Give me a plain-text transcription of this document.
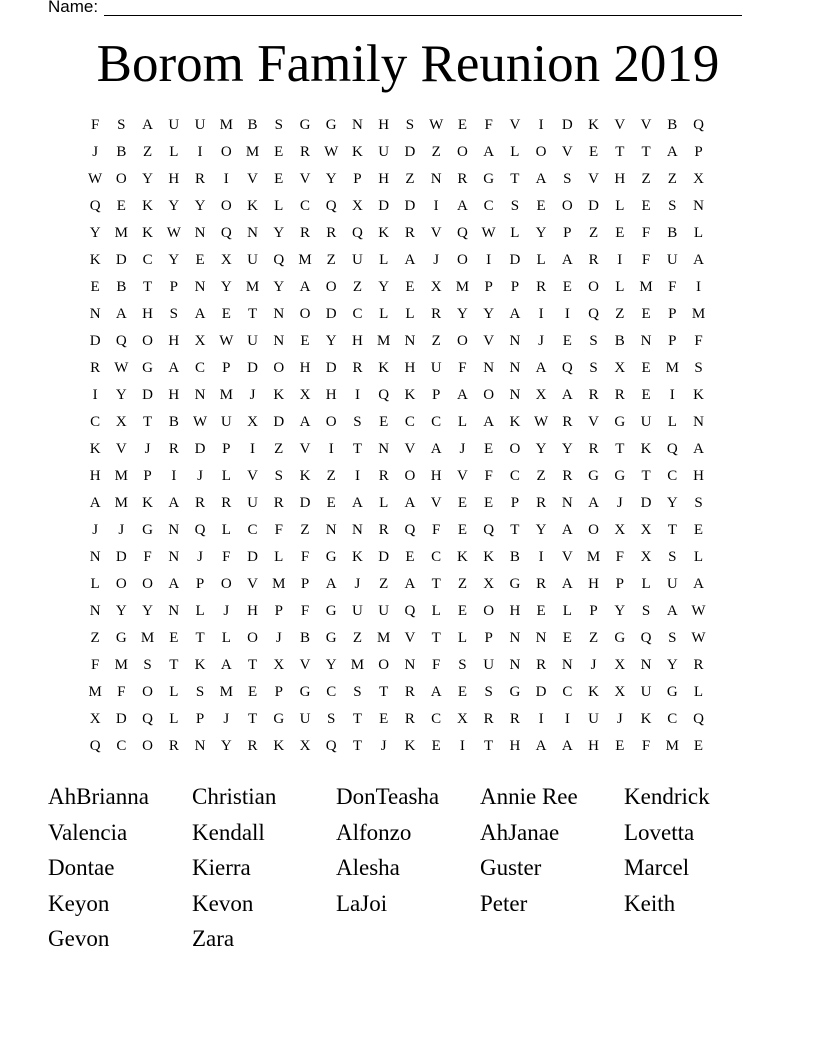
Name:
Borom Family Reunion 2019
F	S	A	U	U M B	S	G	G	N	H	S W E	F	V	I	D	K	V	V	B	Q
J	B	Z	L	I	O M E	R W K	U	D	Z	O	A	L	O	V	E	T	T	A	P
W O	Y	H	R	I	V	E	V	Y	P	H	Z	N	R	G	T	A	S	V	H	Z	Z	X
Q	E	K	Y	Y	O	K	L	C	Q	X	D	D	I	A	C	S	E	O	D	L	E	S	N
Y M K W N	Q	N	Y	R	R	Q	K	R	V	Q W L	Y	P	Z	E	F	B	L
K	D	C	Y	E	X	U	Q M Z	U	L	A	J	O	I	D	L	A	R	I	F	U	A
E	B	T	P	N	Y M Y	A	O	Z	Y	E	X M	P	P	R	E	O	L M	F	I
N	A	H	S	A	E	T	N	O	D	C	L	L	R	Y	Y	A	I	I	Q	Z	E	P	M
D	Q	O	H	X W U	N	E	Y	H M N	Z	O	V	N	J	E	S	B	N	P	F
R W G	A	C	P	D	O	H	D	R	K	H	U	F	N	N	A	Q	S	X	E M	S
I	Y	D	H	N M	J	K	X	H	I	Q	K	P	A	O	N	X	A	R	R	E	I	K
C	X	T	B W U	X	D	A	O	S	E	C	C	L	A	K W R	V	G	U	L	N
K	V	J	R	D	P	I	Z	V	I	T	N	V	A	J	E	O	Y	Y	R	T	K	Q	A
H M	P	I	J	L	V	S	K	Z	I	R	O	H	V	F	C	Z	R	G	G	T	C	H
A M K	A	R	R	U	R	D	E	A	L	A	V	E	E	P	R	N	A	J	D	Y	S
J	J	G	N	Q	L	C	F	Z	N	N	R	Q	F	E	Q	T	Y	A	O	X	X	T	E
N	D	F	N	J	F	D	L	F	G	K	D	E	C	K	K	B	I	V M	F	X	S	L
L	O	O	A	P	O	V M	P	A	J	Z	A	T	Z	X	G	R	A	H	P	L	U	A
N	Y	Y	N	L	J	H	P	F	G	U	U	Q	L	E	O	H	E	L	P	Y	S	A W
Z	G M E	T	L	O	J	B	G	Z M V	T	L	P	N	N	E	Z	G	Q	S W
F	M	S	T	K	A	T	X	V	Y M O	N	F	S	U	N	R	N	J	X	N	Y	R
M	F	O	L	S	M E	P	G	C	S	T	R	A	E	S	G	D	C	K	X	U	G	L
X	D	Q	L	P	J	T	G	U	S	T	E	R	C	X	R	R	I	I	U	J	K	C	Q
Q	C	O	R	N	Y	R	K	X	Q	T	J	K	E	I	T	H	A	A	H	E	F	M E
AhBrianna	Christian	DonTeasha	Annie Ree	Kendrick
Valencia	Kendall	Alfonzo	AhJanae	Lovetta
Dontae	Kierra	Alesha	Guster	Marcel
Keyon	Kevon	LaJoi	Peter	Keith
Gevon	Zara
